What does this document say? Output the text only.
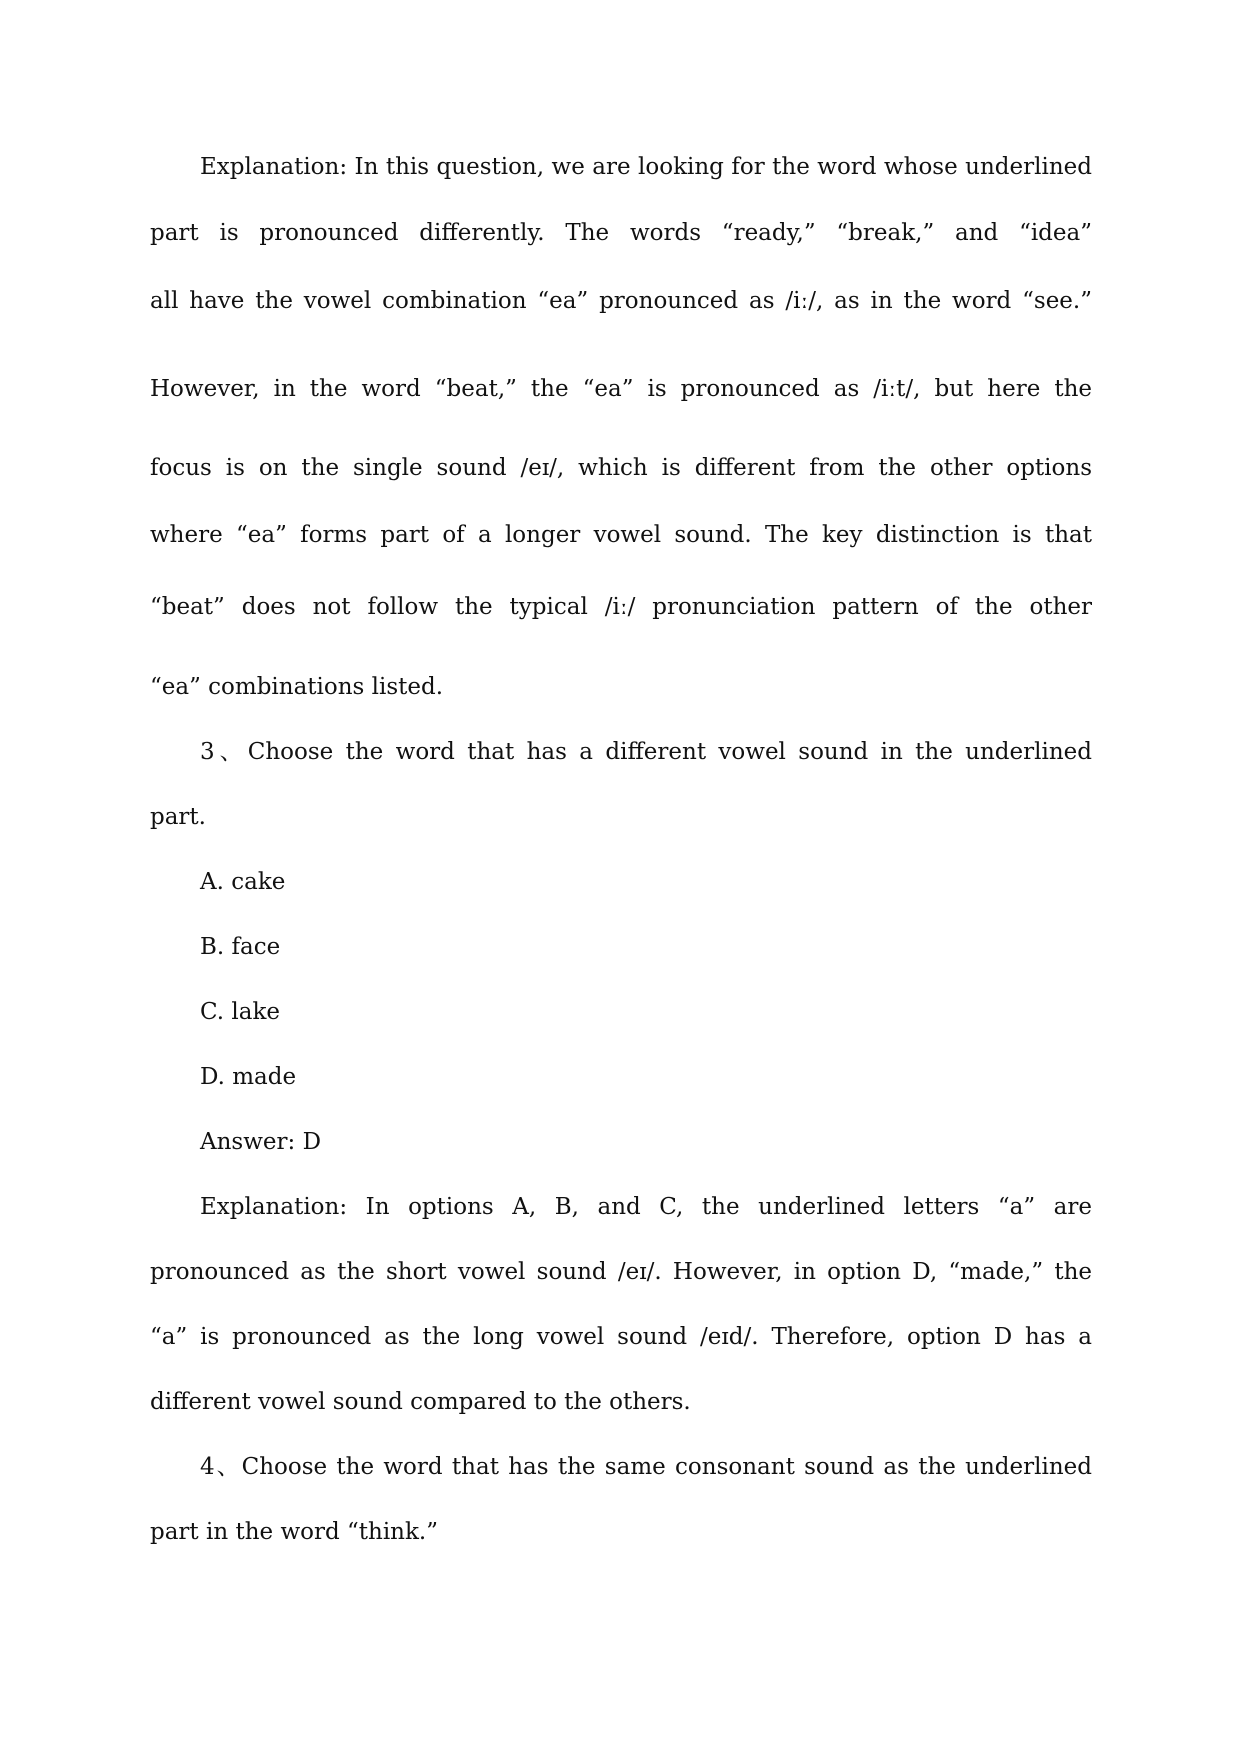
Explanation: In this question, we are looking for the word whose underlined
part is pronounced differently. The words “ready,” “break,” and “idea”
all have the vowel combination “ea” pronounced as /iː/, as in the word “see.”
However, in the word “beat,” the “ea” is pronounced as /iːt/, but here the
focus is on the single sound /eɪ/, which is different from the other options
where “ea” forms part of a longer vowel sound. The key distinction is that
“beat” does not follow the typical /iː/ pronunciation pattern of the other
“ea” combinations listed.
3、Choose the word that has a different vowel sound in the underlined
part.
A. cake
B. face
C. lake
D. made
Answer: D
Explanation: In options A, B, and C, the underlined letters “a” are
pronounced as the short vowel sound /eɪ/. However, in option D, “made,” the
“a” is pronounced as the long vowel sound /eɪd/. Therefore, option D has a
different vowel sound compared to the others.
4、Choose the word that has the same consonant sound as the underlined
part in the word “think.”
